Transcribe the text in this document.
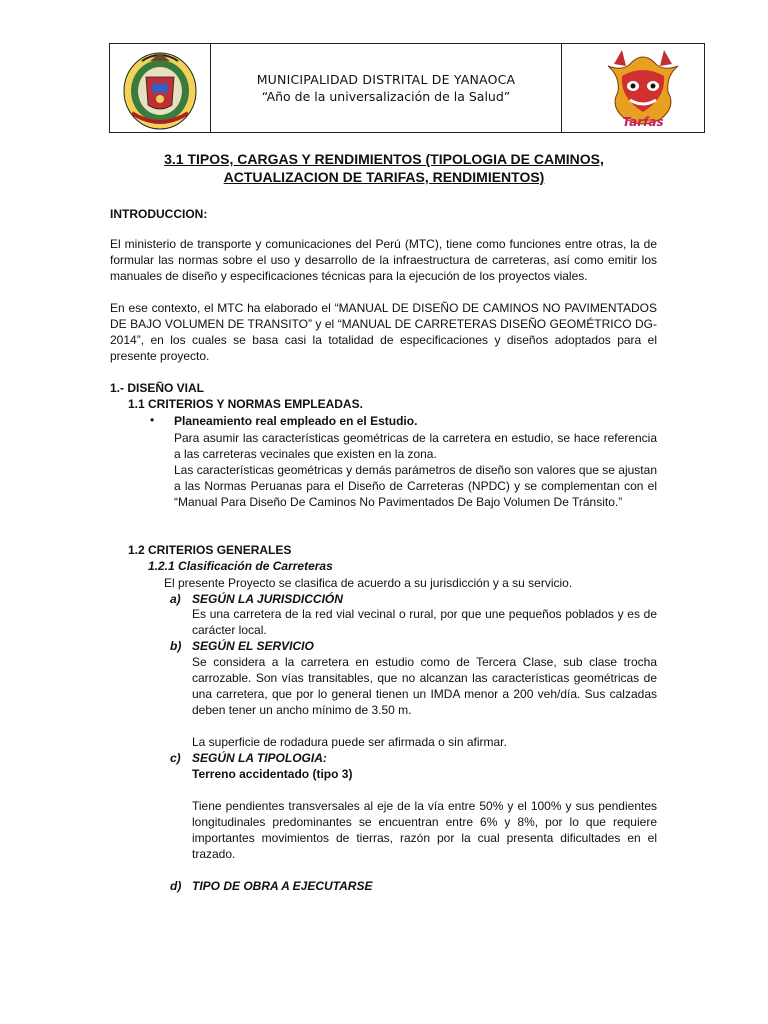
MUNICIPALIDAD DISTRITAL DE YANAOCA
“Año de la universalización de la Salud”
Tarfas
3.1 TIPOS, CARGAS Y RENDIMIENTOS (TIPOLOGIA DE CAMINOS,
ACTUALIZACION DE TARIFAS, RENDIMIENTOS)
INTRODUCCION:
El ministerio de transporte y comunicaciones del Perú (MTC), tiene como funciones entre otras, la de formular las normas sobre el uso y desarrollo de la infraestructura de carreteras, así como emitir los manuales de diseño y especificaciones técnicas para la ejecución de los proyectos viales.
En ese contexto, el MTC ha elaborado el “MANUAL DE DISEÑO DE CAMINOS NO PAVIMENTADOS DE BAJO VOLUMEN DE TRANSITO” y el “MANUAL DE CARRETERAS DISEÑO GEOMÉTRICO DG-2014”, en los cuales se basa casi la totalidad de especificaciones y diseños adoptados para el presente proyecto.
1.- DISEÑO VIAL
1.1 CRITERIOS Y NORMAS EMPLEADAS.
• Planeamiento real empleado en el Estudio.
Para asumir las características geométricas de la carretera en estudio, se hace referencia a las carreteras vecinales que existen en la zona.
Las características geométricas y demás parámetros de diseño son valores que se ajustan a las Normas Peruanas para el Diseño de Carreteras (NPDC) y se complementan con el “Manual Para Diseño De Caminos No Pavimentados De Bajo Volumen De Tránsito.”
1.2 CRITERIOS GENERALES
1.2.1 Clasificación de Carreteras
El presente Proyecto se clasifica de acuerdo a su jurisdicción y a su servicio.
a) SEGÚN LA JURISDICCIÓN
Es una carretera de la red vial vecinal o rural, por que une pequeños poblados y es de carácter local.
b) SEGÚN EL SERVICIO
Se considera a la carretera en estudio como de Tercera Clase, sub clase trocha carrozable. Son vías transitables, que no alcanzan las características geométricas de una carretera, que por lo general tienen un IMDA menor a 200 veh/día. Sus calzadas deben tener un ancho mínimo de 3.50 m.
La superficie de rodadura puede ser afirmada o sin afirmar.
c) SEGÚN LA TIPOLOGIA:
Terreno accidentado (tipo 3)
Tiene pendientes transversales al eje de la vía entre 50% y el 100% y sus pendientes longitudinales predominantes se encuentran entre 6% y 8%, por lo que requiere importantes movimientos de tierras, razón por la cual presenta dificultades en el trazado.
d) TIPO DE OBRA A EJECUTARSE
